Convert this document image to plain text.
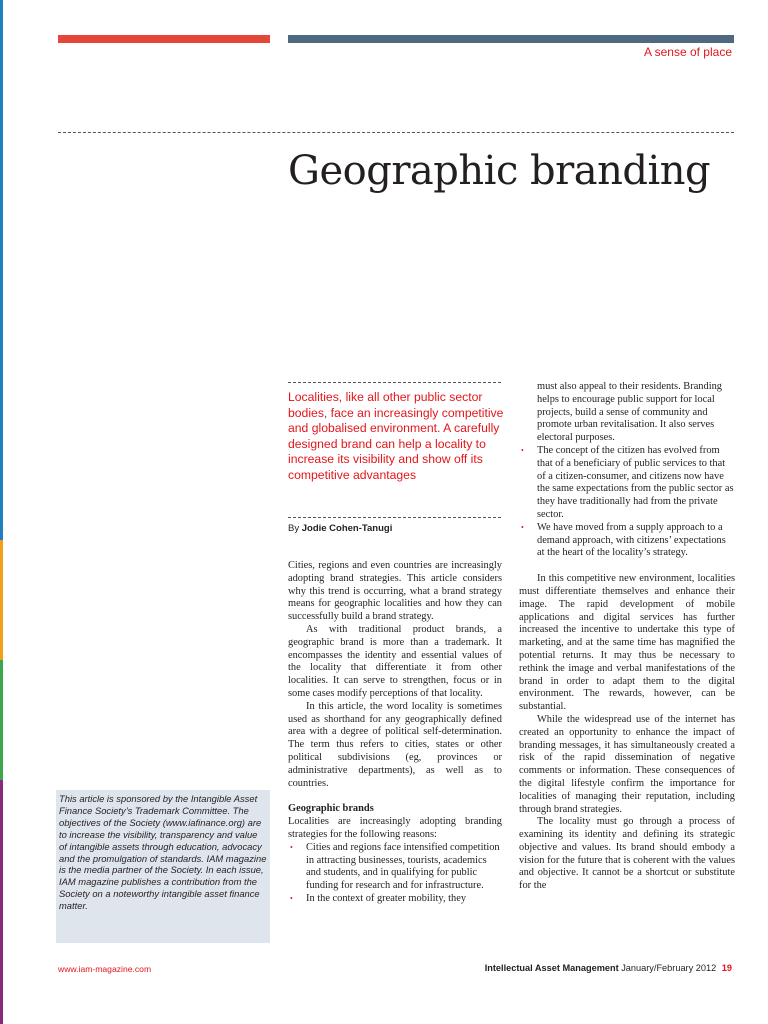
A sense of place
Geographic branding

Localities, like all other public sector bodies, face an increasingly competitive and globalised environment. A carefully designed brand can help a locality to increase its visibility and show off its competitive advantages

By Jodie Cohen-Tanugi

Cities, regions and even countries are increasingly adopting brand strategies. This article considers why this trend is occurring, what a brand strategy means for geographic localities and how they can successfully build a brand strategy.

As with traditional product brands, a geographic brand is more than a trademark. It encompasses the identity and essential values of the locality that differentiate it from other localities. It can serve to strengthen, focus or in some cases modify perceptions of that locality.

In this article, the word locality is sometimes used as shorthand for any geographically defined area with a degree of political self-determination. The term thus refers to cities, states or other political subdivisions (eg, provinces or administrative departments), as well as to countries.

Geographic brands

Localities are increasingly adopting branding strategies for the following reasons:

• Cities and regions face intensified competition in attracting businesses, tourists, academics and students, and in qualifying for public funding for research and for infrastructure.
• In the context of greater mobility, they
must also appeal to their residents. Branding helps to encourage public support for local projects, build a sense of community and promote urban revitalisation. It also serves electoral purposes.
• The concept of the citizen has evolved from that of a beneficiary of public services to that of a citizen-consumer, and citizens now have the same expectations from the public sector as they have traditionally had from the private sector.
• We have moved from a supply approach to a demand approach, with citizens’ expectations at the heart of the locality’s strategy.

In this competitive new environment, localities must differentiate themselves and enhance their image. The rapid development of mobile applications and digital services has further increased the incentive to undertake this type of marketing, and at the same time has magnified the potential returns. It may thus be necessary to rethink the image and verbal manifestations of the brand in order to adapt them to the digital environment. The rewards, however, can be substantial.

While the widespread use of the internet has created an opportunity to enhance the impact of branding messages, it has simultaneously created a risk of the rapid dissemination of negative comments or information. These consequences of the digital lifestyle confirm the importance for localities of managing their reputation, including through brand strategies.

The locality must go through a process of examining its identity and defining its strategic objective and values. Its brand should embody a vision for the future that is coherent with the values and objective. It cannot be a shortcut or substitute for the

This article is sponsored by the Intangible Asset Finance Society’s Trademark Committee. The objectives of the Society (www.iafinance.org) are to increase the visibility, transparency and value of intangible assets through education, advocacy and the promulgation of standards. IAM magazine is the media partner of the Society. In each issue, IAM magazine publishes a contribution from the Society on a noteworthy intangible asset finance matter.
www.iam-magazine.com	Intellectual Asset Management January/February 2012 19
